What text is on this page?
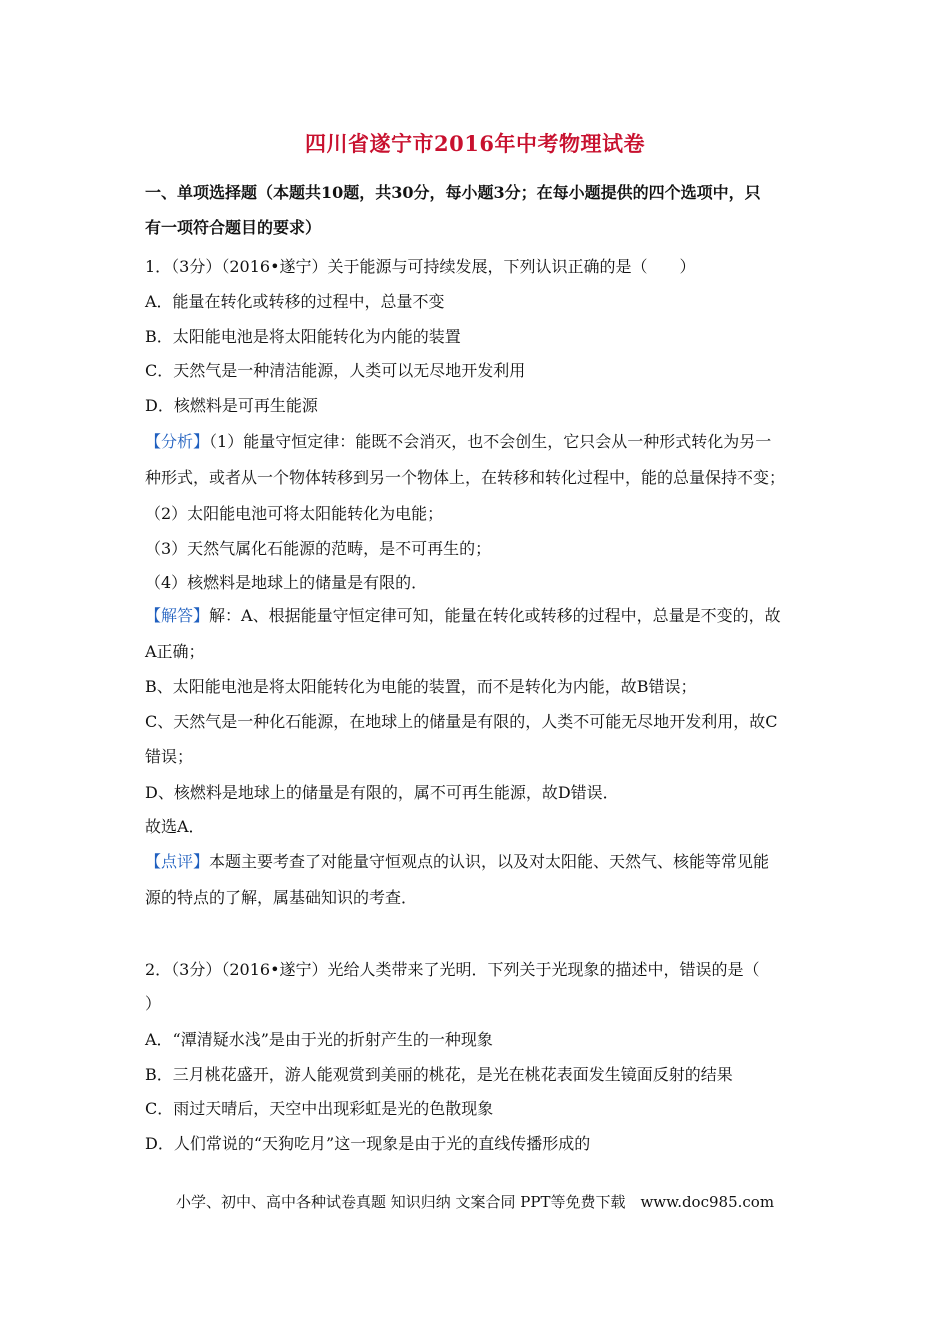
四川省遂宁市2016年中考物理试卷
一、单项选择题（本题共10题，共30分，每小题3分；在每小题提供的四个选项中，只
有一项符合题目的要求）
1．（3分）（2016•遂宁）关于能源与可持续发展，下列认识正确的是（　　）
A．能量在转化或转移的过程中，总量不变
B．太阳能电池是将太阳能转化为内能的装置
C．天然气是一种清洁能源，人类可以无尽地开发利用
D．核燃料是可再生能源
【分析】（1）能量守恒定律：能既不会消灭，也不会创生，它只会从一种形式转化为另一
种形式，或者从一个物体转移到另一个物体上，在转移和转化过程中，能的总量保持不变；
（2）太阳能电池可将太阳能转化为电能；
（3）天然气属化石能源的范畴，是不可再生的；
（4）核燃料是地球上的储量是有限的．
【解答】解：A、根据能量守恒定律可知，能量在转化或转移的过程中，总量是不变的，故
A正确；
B、太阳能电池是将太阳能转化为电能的装置，而不是转化为内能，故B错误；
C、天然气是一种化石能源，在地球上的储量是有限的，人类不可能无尽地开发利用，故C
错误；
D、核燃料是地球上的储量是有限的，属不可再生能源，故D错误．
故选A．
【点评】本题主要考查了对能量守恒观点的认识，以及对太阳能、天然气、核能等常见能
源的特点的了解，属基础知识的考查．
2．（3分）（2016•遂宁）光给人类带来了光明．下列关于光现象的描述中，错误的是（
）
A．“潭清疑水浅”是由于光的折射产生的一种现象
B．三月桃花盛开，游人能观赏到美丽的桃花，是光在桃花表面发生镜面反射的结果
C．雨过天晴后，天空中出现彩虹是光的色散现象
D．人们常说的“天狗吃月”这一现象是由于光的直线传播形成的
小学、初中、高中各种试卷真题 知识归纳 文案合同 PPT等免费下载　www.doc985.com
